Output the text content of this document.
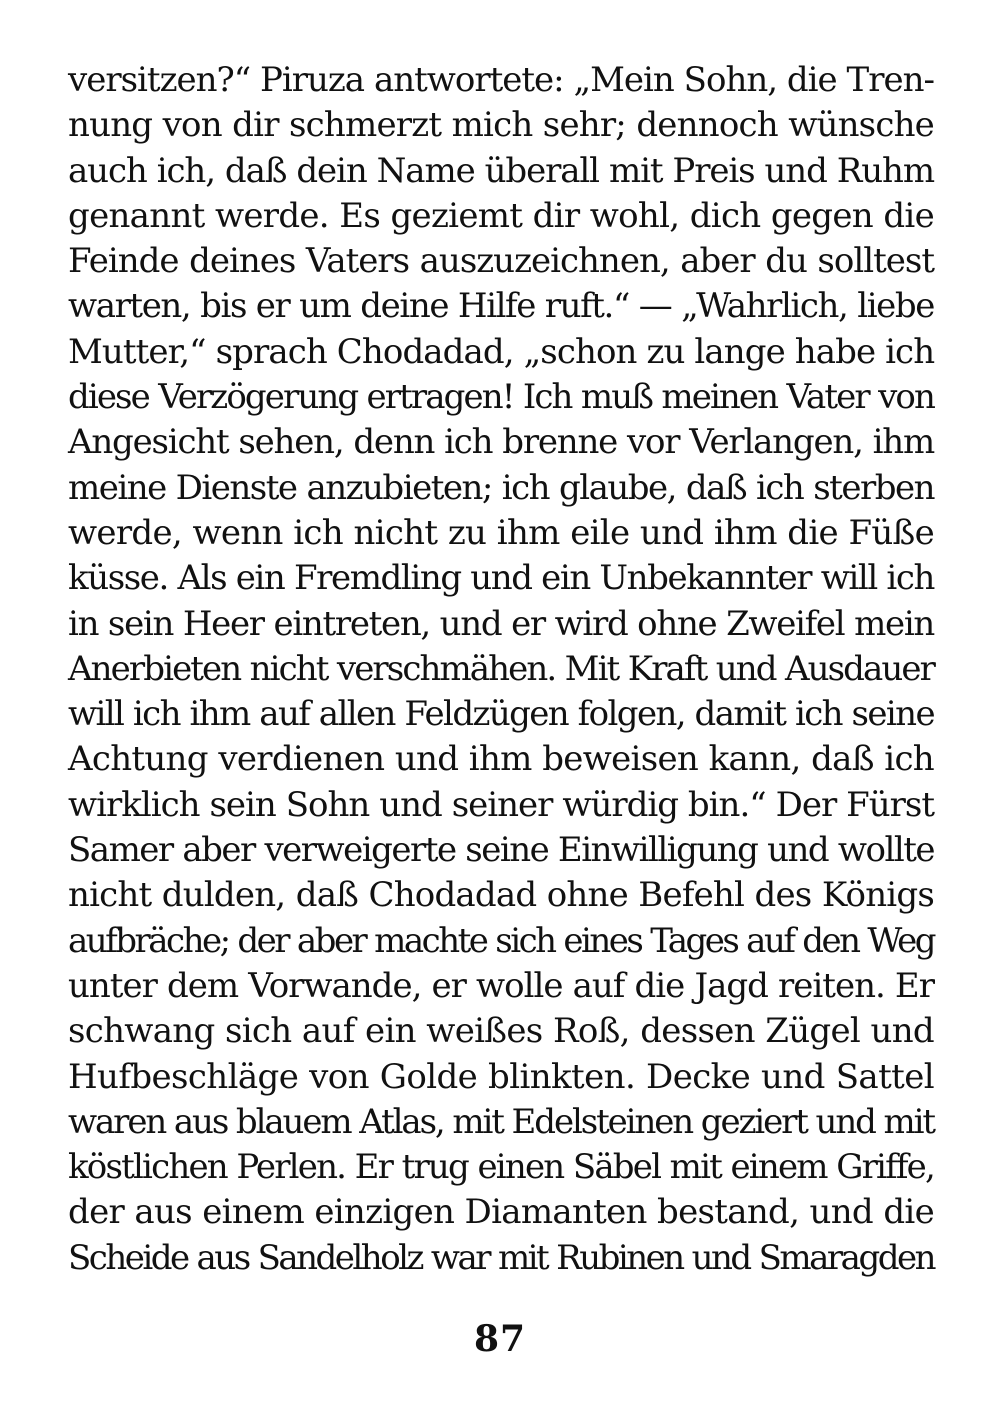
versitzen?“ Piruza antwortete: „Mein Sohn, die Tren-
nung von dir schmerzt mich sehr; dennoch wünsche
auch ich, daß dein Name überall mit Preis und Ruhm
genannt werde. Es geziemt dir wohl, dich gegen die
Feinde deines Vaters auszuzeichnen, aber du solltest
warten, bis er um deine Hilfe ruft.“ — „Wahrlich, liebe
Mutter,“ sprach Chodadad, „schon zu lange habe ich
diese Verzögerung ertragen! Ich muß meinen Vater von
Angesicht sehen, denn ich brenne vor Verlangen, ihm
meine Dienste anzubieten; ich glaube, daß ich sterben
werde, wenn ich nicht zu ihm eile und ihm die Füße
küsse. Als ein Fremdling und ein Unbekannter will ich
in sein Heer eintreten, und er wird ohne Zweifel mein
Anerbieten nicht verschmähen. Mit Kraft und Ausdauer
will ich ihm auf allen Feldzügen folgen, damit ich seine
Achtung verdienen und ihm beweisen kann, daß ich
wirklich sein Sohn und seiner würdig bin.“ Der Fürst
Samer aber verweigerte seine Einwilligung und wollte
nicht dulden, daß Chodadad ohne Befehl des Königs
aufbräche; der aber machte sich eines Tages auf den Weg
unter dem Vorwande, er wolle auf die Jagd reiten. Er
schwang sich auf ein weißes Roß, dessen Zügel und
Hufbeschläge von Golde blinkten. Decke und Sattel
waren aus blauem Atlas, mit Edelsteinen geziert und mit
köstlichen Perlen. Er trug einen Säbel mit einem Griffe,
der aus einem einzigen Diamanten bestand, und die
Scheide aus Sandelholz war mit Rubinen und Smaragden
87
